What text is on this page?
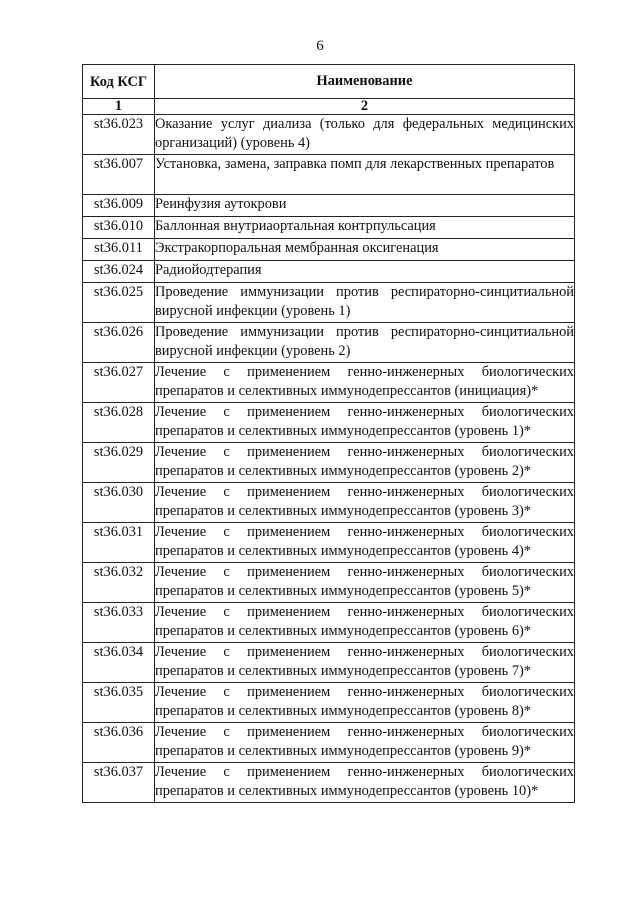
6
Код КСГ	Наименование
1	2
st36.023	Оказание услуг диализа (только для федеральных медицинских организаций) (уровень 4)
st36.007	Установка, замена, заправка помп для лекарственных препаратов
st36.009	Реинфузия аутокрови
st36.010	Баллонная внутриаортальная контрпульсация
st36.011	Экстракорпоральная мембранная оксигенация
st36.024	Радиойодтерапия
st36.025	Проведение иммунизации против респираторно-синцитиальной вирусной инфекции (уровень 1)
st36.026	Проведение иммунизации против респираторно-синцитиальной вирусной инфекции (уровень 2)
st36.027	Лечение с применением генно-инженерных биологических препаратов и селективных иммунодепрессантов (инициация)*
st36.028	Лечение с применением генно-инженерных биологических препаратов и селективных иммунодепрессантов (уровень 1)*
st36.029	Лечение с применением генно-инженерных биологических препаратов и селективных иммунодепрессантов (уровень 2)*
st36.030	Лечение с применением генно-инженерных биологических препаратов и селективных иммунодепрессантов (уровень 3)*
st36.031	Лечение с применением генно-инженерных биологических препаратов и селективных иммунодепрессантов (уровень 4)*
st36.032	Лечение с применением генно-инженерных биологических препаратов и селективных иммунодепрессантов (уровень 5)*
st36.033	Лечение с применением генно-инженерных биологических препаратов и селективных иммунодепрессантов (уровень 6)*
st36.034	Лечение с применением генно-инженерных биологических препаратов и селективных иммунодепрессантов (уровень 7)*
st36.035	Лечение с применением генно-инженерных биологических препаратов и селективных иммунодепрессантов (уровень 8)*
st36.036	Лечение с применением генно-инженерных биологических препаратов и селективных иммунодепрессантов (уровень 9)*
st36.037	Лечение с применением генно-инженерных биологических препаратов и селективных иммунодепрессантов (уровень 10)*
